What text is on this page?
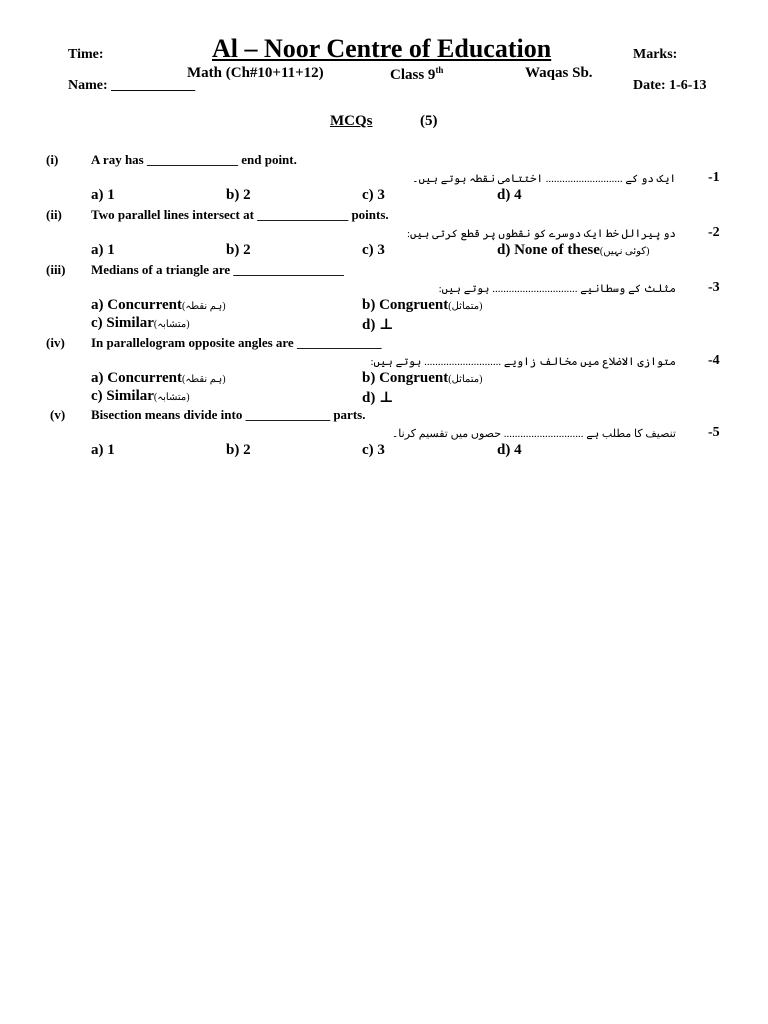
Time:	Al – Noor Centre of Education	Marks:
Math (Ch#10+11+12)	Class 9th	Waqas Sb.
Name: ____________	Date: 1-6-13
MCQs	(5)
(i)	A ray has ______________ end point.
ایک دو کے ............................ اختتامی نقطہ ہوتے ہیں۔ -1
a) 1	b) 2	c) 3	d) 4
(ii) Two parallel lines intersect at ______________ points.
دو پیرالل خط ایک دوسرے کو نقطوں پر قطع کرتی ہیں: -2
a) 1	b) 2	c) 3	d) None of these(کوئی نہیں)
(iii) Medians of a triangle are _________________
مثلث کے وسطانیے ............................... ہوتے ہیں: -3
a) Concurrent(ہم نقطہ)	b) Congruent(متماثل)
c) Similar(متشابہ)	d) ⊥
(iv) In parallelogram opposite angles are _____________
متوازی الاضلاع میں مخالف زاویے ............................ ہوتے ہیں: -4
a) Concurrent(ہم نقطہ)	b) Congruent(متماثل)
c) Similar(متشابہ)	d) ⊥
(v) Bisection means divide into _____________ parts.
تنصیف کا مطلب ہے ............................. حصوں میں تقسیم کرنا۔ -5
a) 1	b) 2	c) 3	d) 4
